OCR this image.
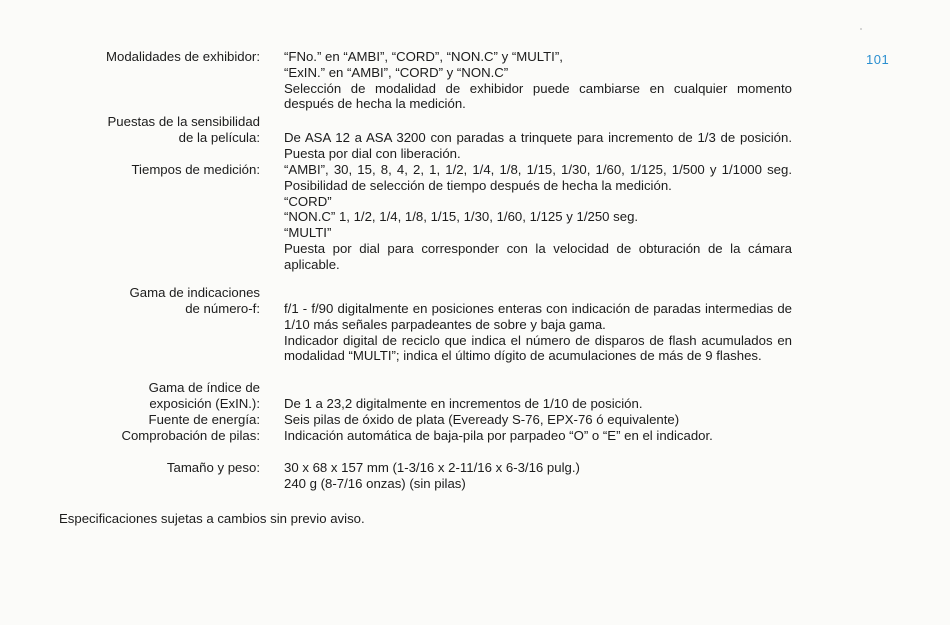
101
Modalidades de exhibidor: “FNo.” en “AMBI”, “CORD”, “NON.C” y “MULTI”,
“ExIN.” en “AMBI”, “CORD” y “NON.C”
Selección de modalidad de exhibidor puede cambiarse en cualquier momento después de hecha la medición.
Puestas de la sensibilidad
de la película: De ASA 12 a ASA 3200 con paradas a trinquete para incremento de 1/3 de posición. Puesta por dial con liberación.
Tiempos de medición: “AMBI”, 30, 15, 8, 4, 2, 1, 1/2, 1/4, 1/8, 1/15, 1/30, 1/60, 1/125, 1/500 y 1/1000 seg. Posibilidad de selección de tiempo después de hecha la medición.
“CORD”
“NON.C” 1, 1/2, 1/4, 1/8, 1/15, 1/30, 1/60, 1/125 y 1/250 seg.
“MULTI”
Puesta por dial para corresponder con la velocidad de obturación de la cámara aplicable.
Gama de indicaciones
de número-f: f/1 - f/90 digitalmente en posiciones enteras con indicación de paradas intermedias de 1/10 más señales parpadeantes de sobre y baja gama.
Indicador digital de reciclo que indica el número de disparos de flash acumulados en modalidad “MULTI”; indica el último dígito de acumulaciones de más de 9 flashes.
Gama de índice de
exposición (ExIN.): De 1 a 23,2 digitalmente en incrementos de 1/10 de posición.
Fuente de energía: Seis pilas de óxido de plata (Eveready S-76, EPX-76 ó equivalente)
Comprobación de pilas: Indicación automática de baja-pila por parpadeo “O” o “E” en el indicador.
Tamaño y peso: 30 x 68 x 157 mm (1-3/16 x 2-11/16 x 6-3/16 pulg.)
240 g (8-7/16 onzas) (sin pilas)
Especificaciones sujetas a cambios sin previo aviso.
